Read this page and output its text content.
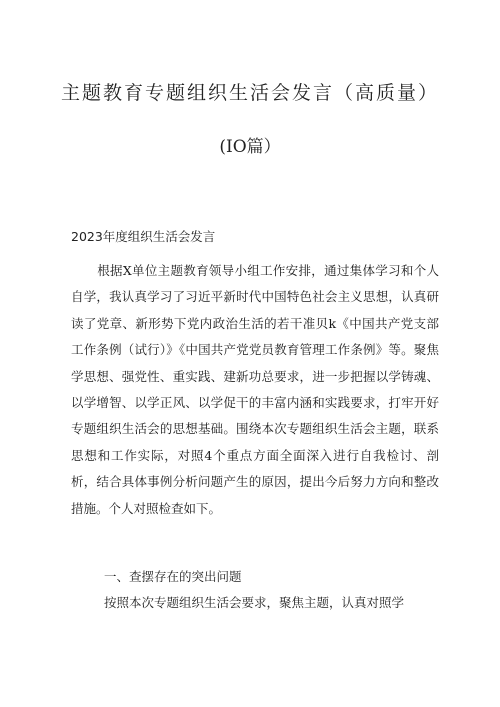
主题教育专题组织生活会发言（高质量）
(IO篇）
2023年度组织生活会发言

根据X单位主题教育领导小组工作安排，通过集体学习和个人自学，我认真学习了习近平新时代中国特色社会主义思想，认真研读了党章、新形势下党内政治生活的若干准贝k《中国共产党支部工作条例（试行）》《中国共产党党员教育管理工作条例》等。聚焦学思想、强党性、重实践、建新功总要求，进一步把握以学铸魂、以学增智、以学正风、以学促干的丰富内涵和实践要求，打牢开好专题组织生活会的思想基础。围绕本次专题组织生活会主题，联系思想和工作实际，对照4个重点方面全面深入进行自我检讨、剖析，结合具体事例分析问题产生的原因，提出今后努力方向和整改措施。个人对照检查如下。

一、查摆存在的突出问题
按照本次专题组织生活会要求，聚焦主题，认真对照学
